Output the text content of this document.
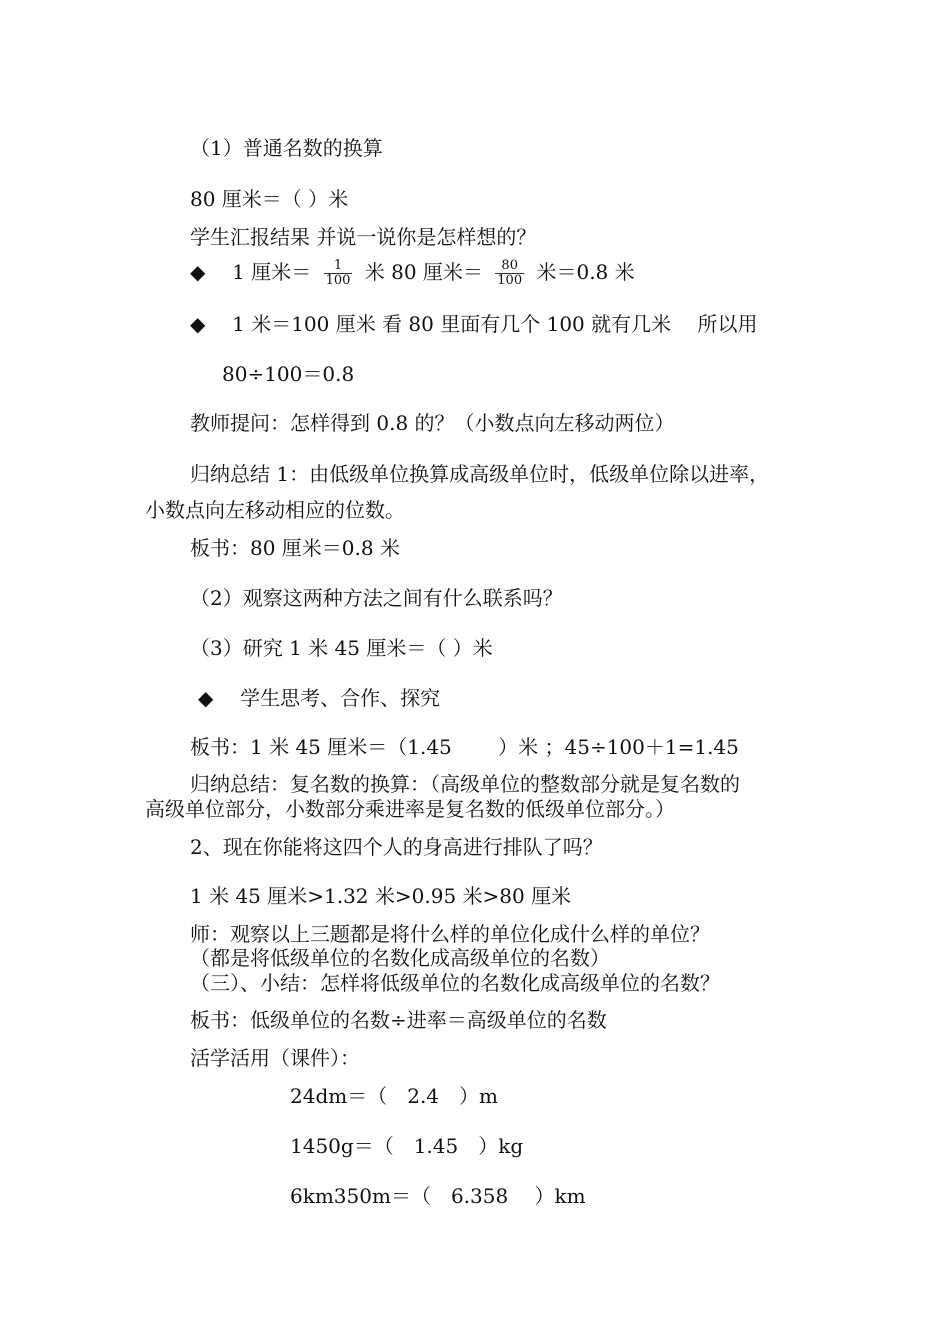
（1）普通名数的换算
80 厘米＝（ ）米
学生汇报结果 并说一说你是怎样想的？
◆ 1 厘米＝ $\frac{1}{100}$ 米 80 厘米＝ $\frac{80}{100}$ 米＝0.8 米
◆ 1 米＝100 厘米 看 80 里面有几个 100 就有几米　 所以用
80÷100＝0.8
教师提问：怎样得到 0.8 的？（小数点向左移动两位）
归纳总结 1：由低级单位换算成高级单位时，低级单位除以进率，
小数点向左移动相应的位数。
板书：80 厘米＝0.8 米
（2）观察这两种方法之间有什么联系吗？
（3）研究 1 米 45 厘米＝（ ）米
◆ 学生思考、合作、探究
板书：1 米 45 厘米＝（1.45　　 ）米 ；45÷100＋1=1.45
归纳总结：复名数的换算：（高级单位的整数部分就是复名数的
高级单位部分，小数部分乘进率是复名数的低级单位部分。）
2、现在你能将这四个人的身高进行排队了吗？
1 米 45 厘米>1.32 米>0.95 米>80 厘米
师：观察以上三题都是将什么样的单位化成什么样的单位？
（都是将低级单位的名数化成高级单位的名数）
（三）、小结：怎样将低级单位的名数化成高级单位的名数？
板书：低级单位的名数÷进率＝高级单位的名数
活学活用（课件）：
24dm＝（　2.4　）m
1450g＝（　1.45　）kg
6km350m＝（　6.358　 ）km
